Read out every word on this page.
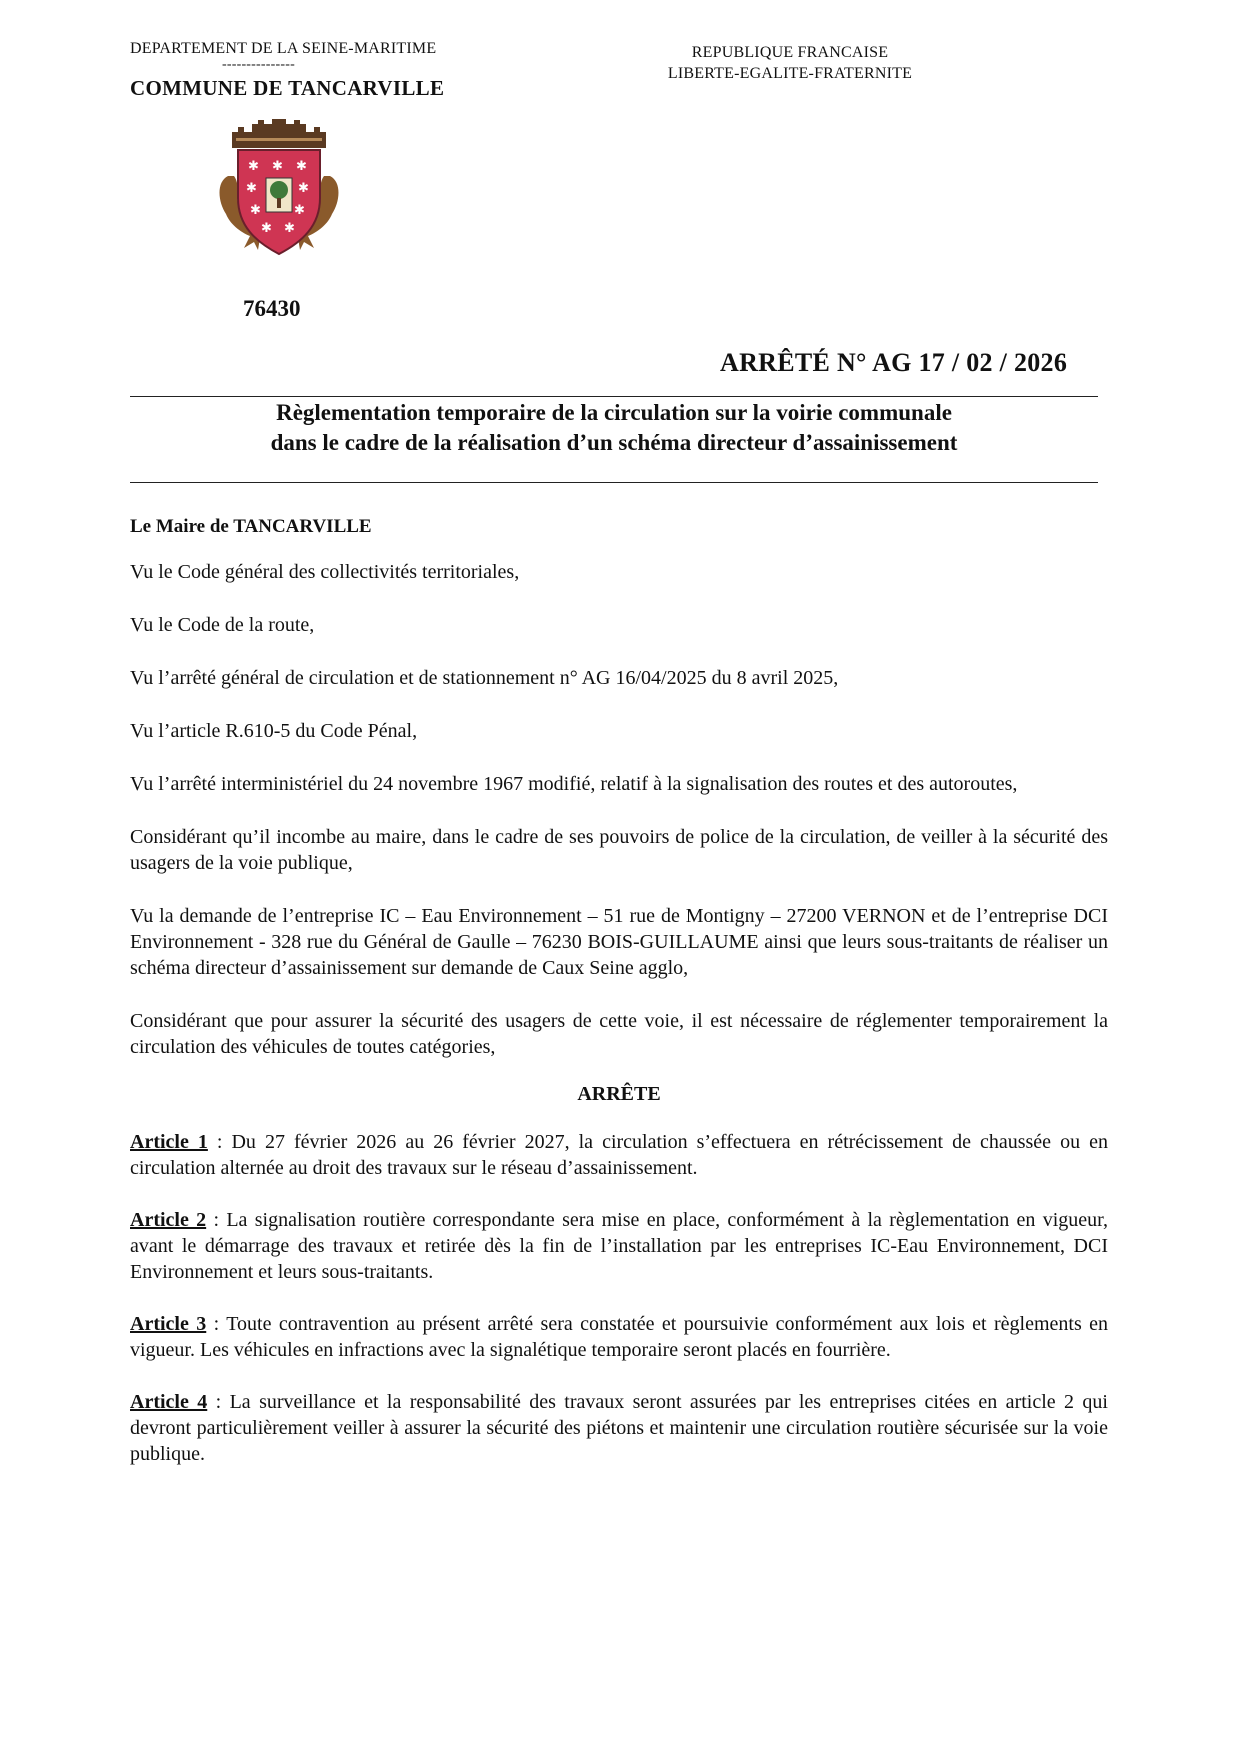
DEPARTEMENT DE LA SEINE-MARITIME
---------------
COMMUNE DE TANCARVILLE
REPUBLIQUE FRANCAISE
LIBERTE-EGALITE-FRATERNITE
✱ ✱ ✱
✱	✱
✱	✱
✱ ✱
76430
ARRÊTÉ N° AG 17 / 02 / 2026
Règlementation temporaire de la circulation sur la voirie communale
dans le cadre de la réalisation d’un schéma directeur d’assainissement

Le Maire de TANCARVILLE

Vu le Code général des collectivités territoriales,

Vu le Code de la route,

Vu l’arrêté général de circulation et de stationnement n° AG 16/04/2025 du 8 avril 2025,

Vu l’article R.610-5 du Code Pénal,

Vu l’arrêté interministériel du 24 novembre 1967 modifié, relatif à la signalisation des routes et des autoroutes,

Considérant qu’il incombe au maire, dans le cadre de ses pouvoirs de police de la circulation, de veiller à la sécurité des usagers de la voie publique,

Vu la demande de l’entreprise IC – Eau Environnement – 51 rue de Montigny – 27200 VERNON et de l’entreprise DCI Environnement - 328 rue du Général de Gaulle – 76230 BOIS-GUILLAUME ainsi que leurs sous-traitants de réaliser un schéma directeur d’assainissement sur demande de Caux Seine agglo,

Considérant que pour assurer la sécurité des usagers de cette voie, il est nécessaire de réglementer temporairement la circulation des véhicules de toutes catégories,

ARRÊTE

Article 1 : Du 27 février 2026 au 26 février 2027, la circulation s’effectuera en rétrécissement de chaussée ou en circulation alternée au droit des travaux sur le réseau d’assainissement.

Article 2 : La signalisation routière correspondante sera mise en place, conformément à la règlementation en vigueur, avant le démarrage des travaux et retirée dès la fin de l’installation par les entreprises IC-Eau Environnement, DCI Environnement et leurs sous-traitants.

Article 3 : Toute contravention au présent arrêté sera constatée et poursuivie conformément aux lois et règlements en vigueur. Les véhicules en infractions avec la signalétique temporaire seront placés en fourrière.

Article 4 : La surveillance et la responsabilité des travaux seront assurées par les entreprises citées en article 2 qui devront particulièrement veiller à assurer la sécurité des piétons et maintenir une circulation routière sécurisée sur la voie publique.
